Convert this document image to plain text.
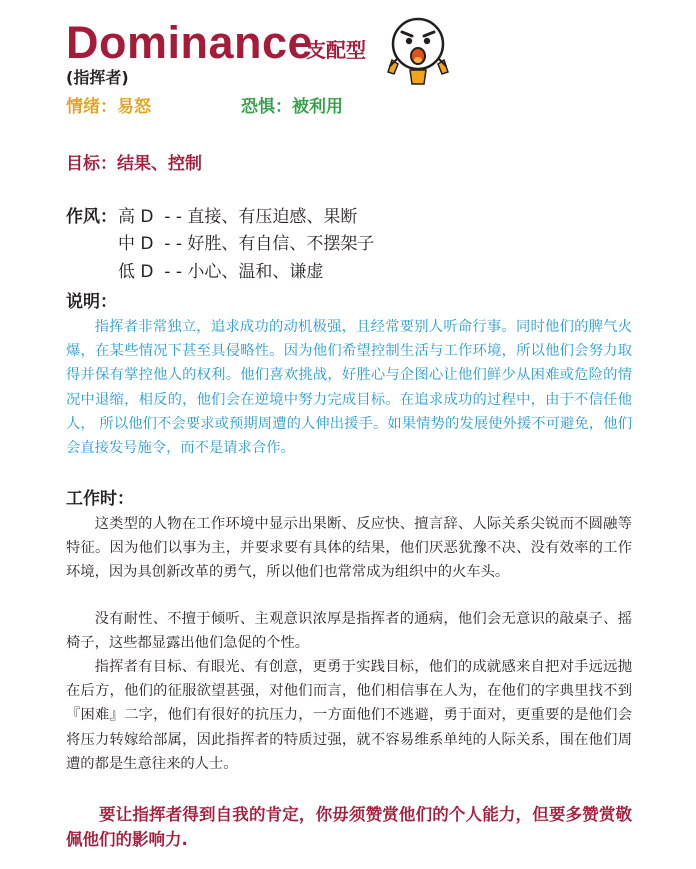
Dominance
支配型
(指挥者)
情绪：易怒	恐惧：被利用
目标：结果、控制
作风： 高 D  - - 直接、有压迫感、果断
中 D  - - 好胜、有自信、不摆架子
低 D  - - 小心、温和、谦虚
说明：

指挥者非常独立，追求成功的动机极强，且经常要别人听命行事。同时他们的脾气火爆，在某些情况下甚至具侵略性。因为他们希望控制生活与工作环境，所以他们会努力取得并保有掌控他人的权利。他们喜欢挑战，好胜心与企图心让他们鲜少从困难或危险的情况中退缩，相反的，他们会在逆境中努力完成目标。在追求成功的过程中，由于不信任他人， 所以他们不会要求或预期周遭的人伸出援手。如果情势的发展使外援不可避免，他们会直接发号施令，而不是请求合作。

工作时：

这类型的人物在工作环境中显示出果断、反应快、擅言辞、人际关系尖锐而不圆融等特征。因为他们以事为主，并要求要有具体的结果，他们厌恶犹豫不决、没有效率的工作环境，因为具创新改革的勇气，所以他们也常常成为组织中的火车头。

没有耐性、不擅于倾听、主观意识浓厚是指挥者的通病，他们会无意识的敲桌子、摇椅子，这些都显露出他们急促的个性。

指挥者有目标、有眼光、有创意，更勇于实践目标，他们的成就感来自把对手远远抛在后方，他们的征服欲望甚强，对他们而言，他们相信事在人为，在他们的字典里找不到『困难』二字，他们有很好的抗压力，一方面他们不逃避，勇于面对，更重要的是他们会将压力转嫁给部属，因此指挥者的特质过强，就不容易维系单纯的人际关系，围在他们周遭的都是生意往来的人士。

要让指挥者得到自我的肯定，你毋须赞赏他们的个人能力，但要多赞赏敬佩他们的影响力.
